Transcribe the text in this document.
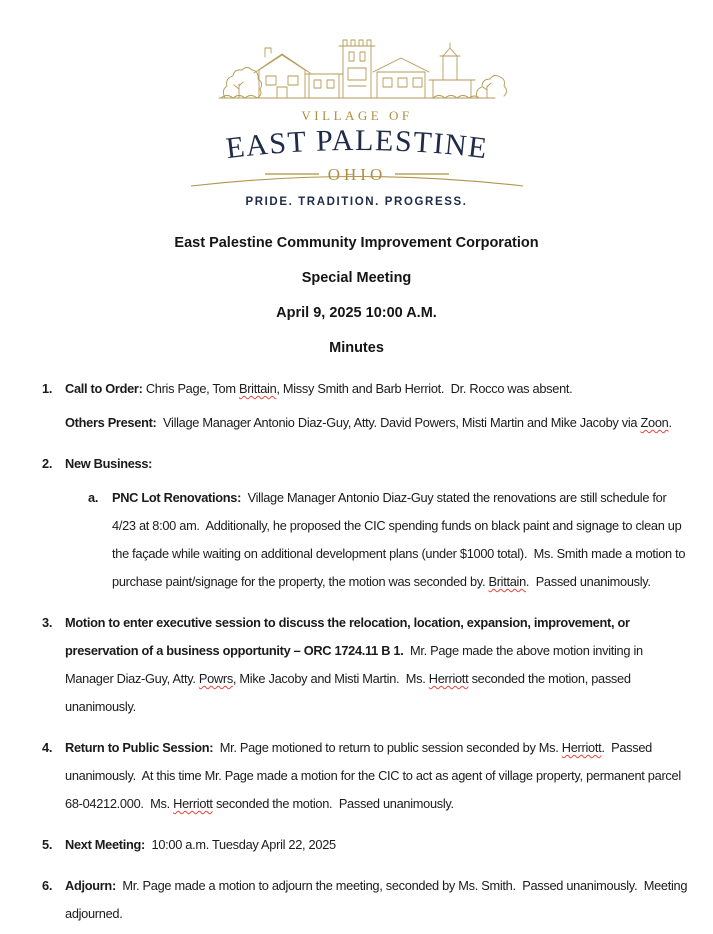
VILLAGE OF
EAST PALESTINE
OHIO
PRIDE. TRADITION. PROGRESS.

East Palestine Community Improvement Corporation

Special Meeting

April 9, 2025 10:00 A.M.

Minutes

1.	Call to Order: Chris Page, Tom Brittain, Missy Smith and Barb Herriot.  Dr. Rocco was absent.

Others Present:  Village Manager Antonio Diaz-Guy, Atty. David Powers, Misti Martin and Mike Jacoby via Zoon.

2.	New Business:

a.	PNC Lot Renovations:  Village Manager Antonio Diaz-Guy stated the renovations are still schedule for 4/23 at 8:00 am.  Additionally, he proposed the CIC spending funds on black paint and signage to clean up the façade while waiting on additional development plans (under $1000 total).  Ms. Smith made a motion to purchase paint/signage for the property, the motion was seconded by. Brittain.  Passed unanimously.

3.	Motion to enter executive session to discuss the relocation, location, expansion, improvement, or preservation of a business opportunity – ORC 1724.11 B 1.  Mr. Page made the above motion inviting in Manager Diaz-Guy, Atty. Powrs, Mike Jacoby and Misti Martin.  Ms. Herriott seconded the motion, passed unanimously.

4.	Return to Public Session:  Mr. Page motioned to return to public session seconded by Ms. Herriott.  Passed unanimously.  At this time Mr. Page made a motion for the CIC to act as agent of village property, permanent parcel 68-04212.000.  Ms. Herriott seconded the motion.  Passed unanimously.

5.	Next Meeting:  10:00 a.m. Tuesday April 22, 2025

6.	Adjourn:  Mr. Page made a motion to adjourn the meeting, seconded by Ms. Smith.  Passed unanimously.  Meeting adjourned.
